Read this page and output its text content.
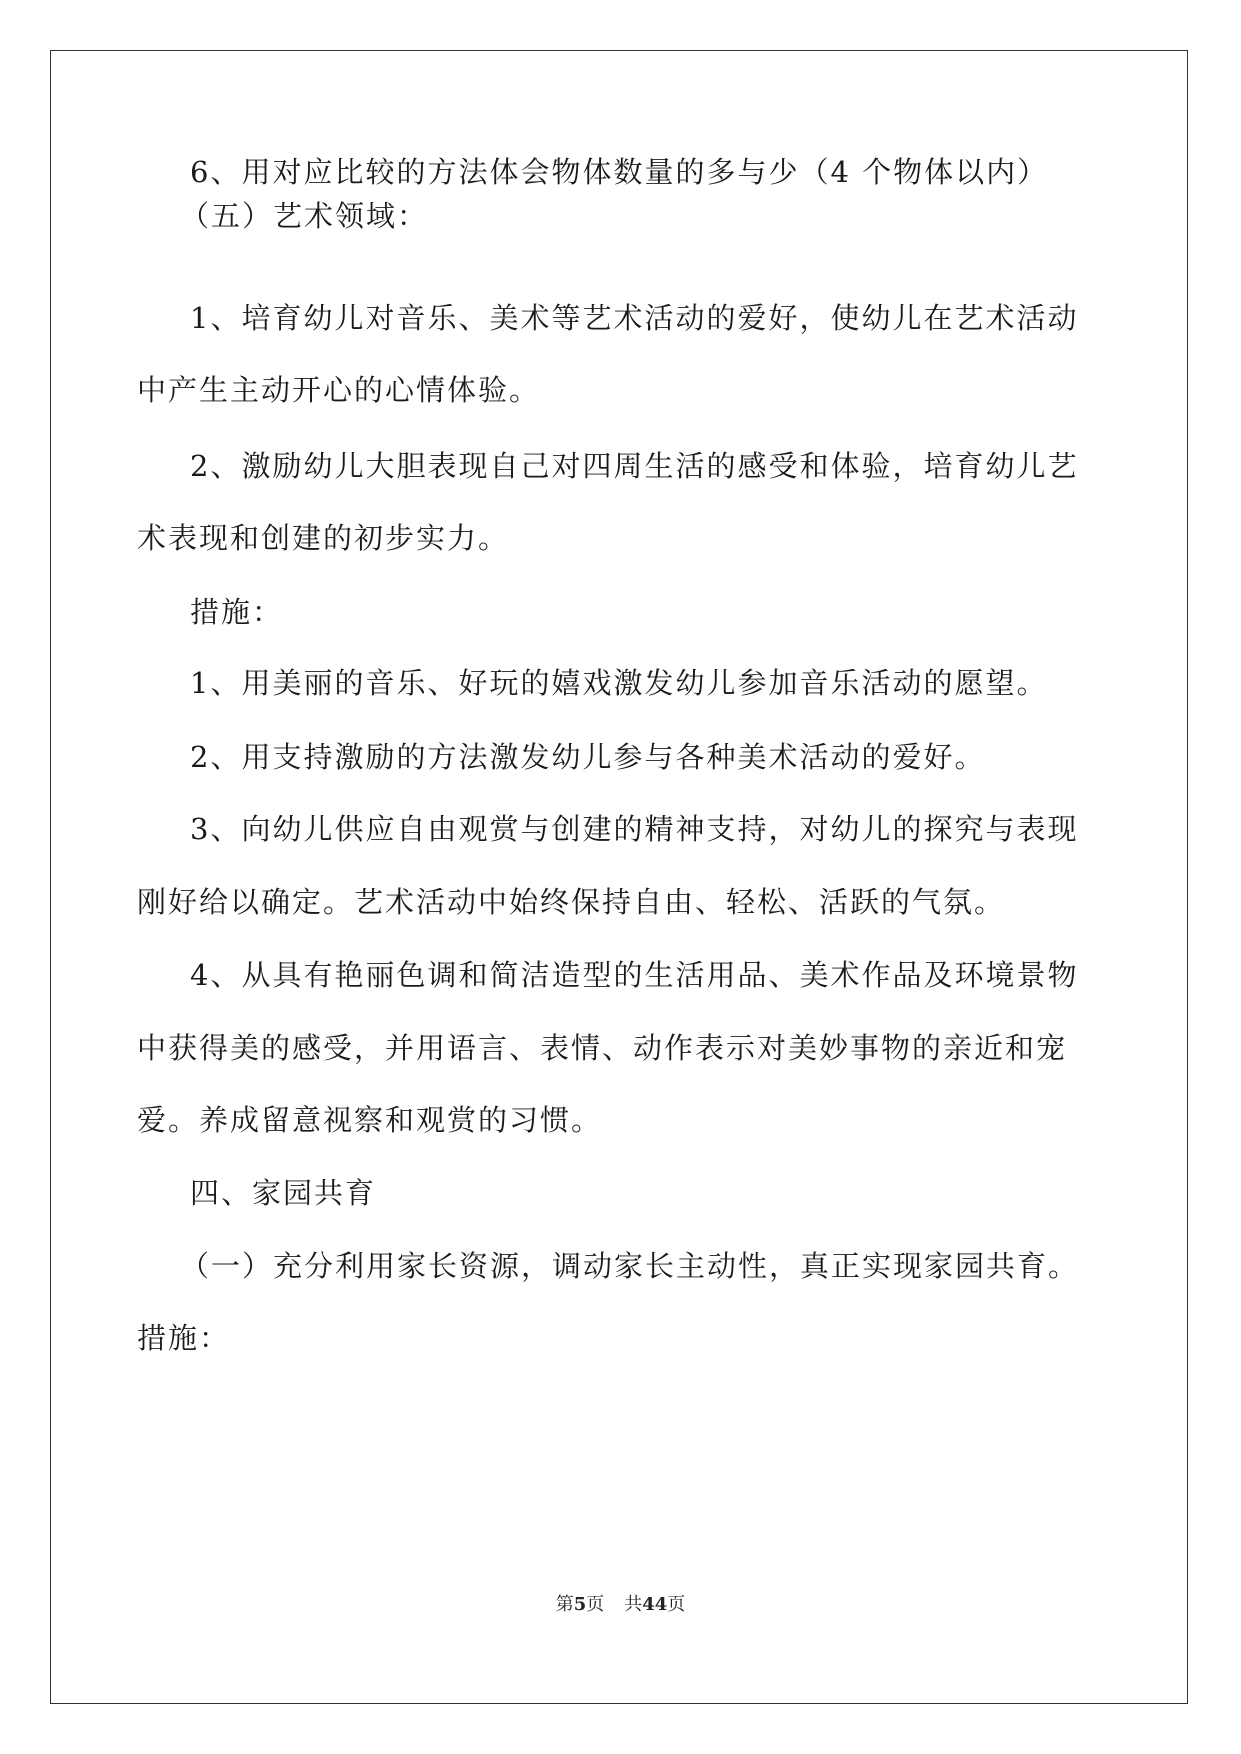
6、用对应比较的方法体会物体数量的多与少（4 个物体以内）
（五）艺术领域：
1、培育幼儿对音乐、美术等艺术活动的爱好，使幼儿在艺术活动
中产生主动开心的心情体验。
2、激励幼儿大胆表现自己对四周生活的感受和体验，培育幼儿艺
术表现和创建的初步实力。
措施：
1、用美丽的音乐、好玩的嬉戏激发幼儿参加音乐活动的愿望。
2、用支持激励的方法激发幼儿参与各种美术活动的爱好。
3、向幼儿供应自由观赏与创建的精神支持，对幼儿的探究与表现
刚好给以确定。艺术活动中始终保持自由、轻松、活跃的气氛。
4、从具有艳丽色调和简洁造型的生活用品、美术作品及环境景物
中获得美的感受，并用语言、表情、动作表示对美妙事物的亲近和宠
爱。养成留意视察和观赏的习惯。
四、家园共育
（一）充分利用家长资源，调动家长主动性，真正实现家园共育。
措施：
第5页 共44页
